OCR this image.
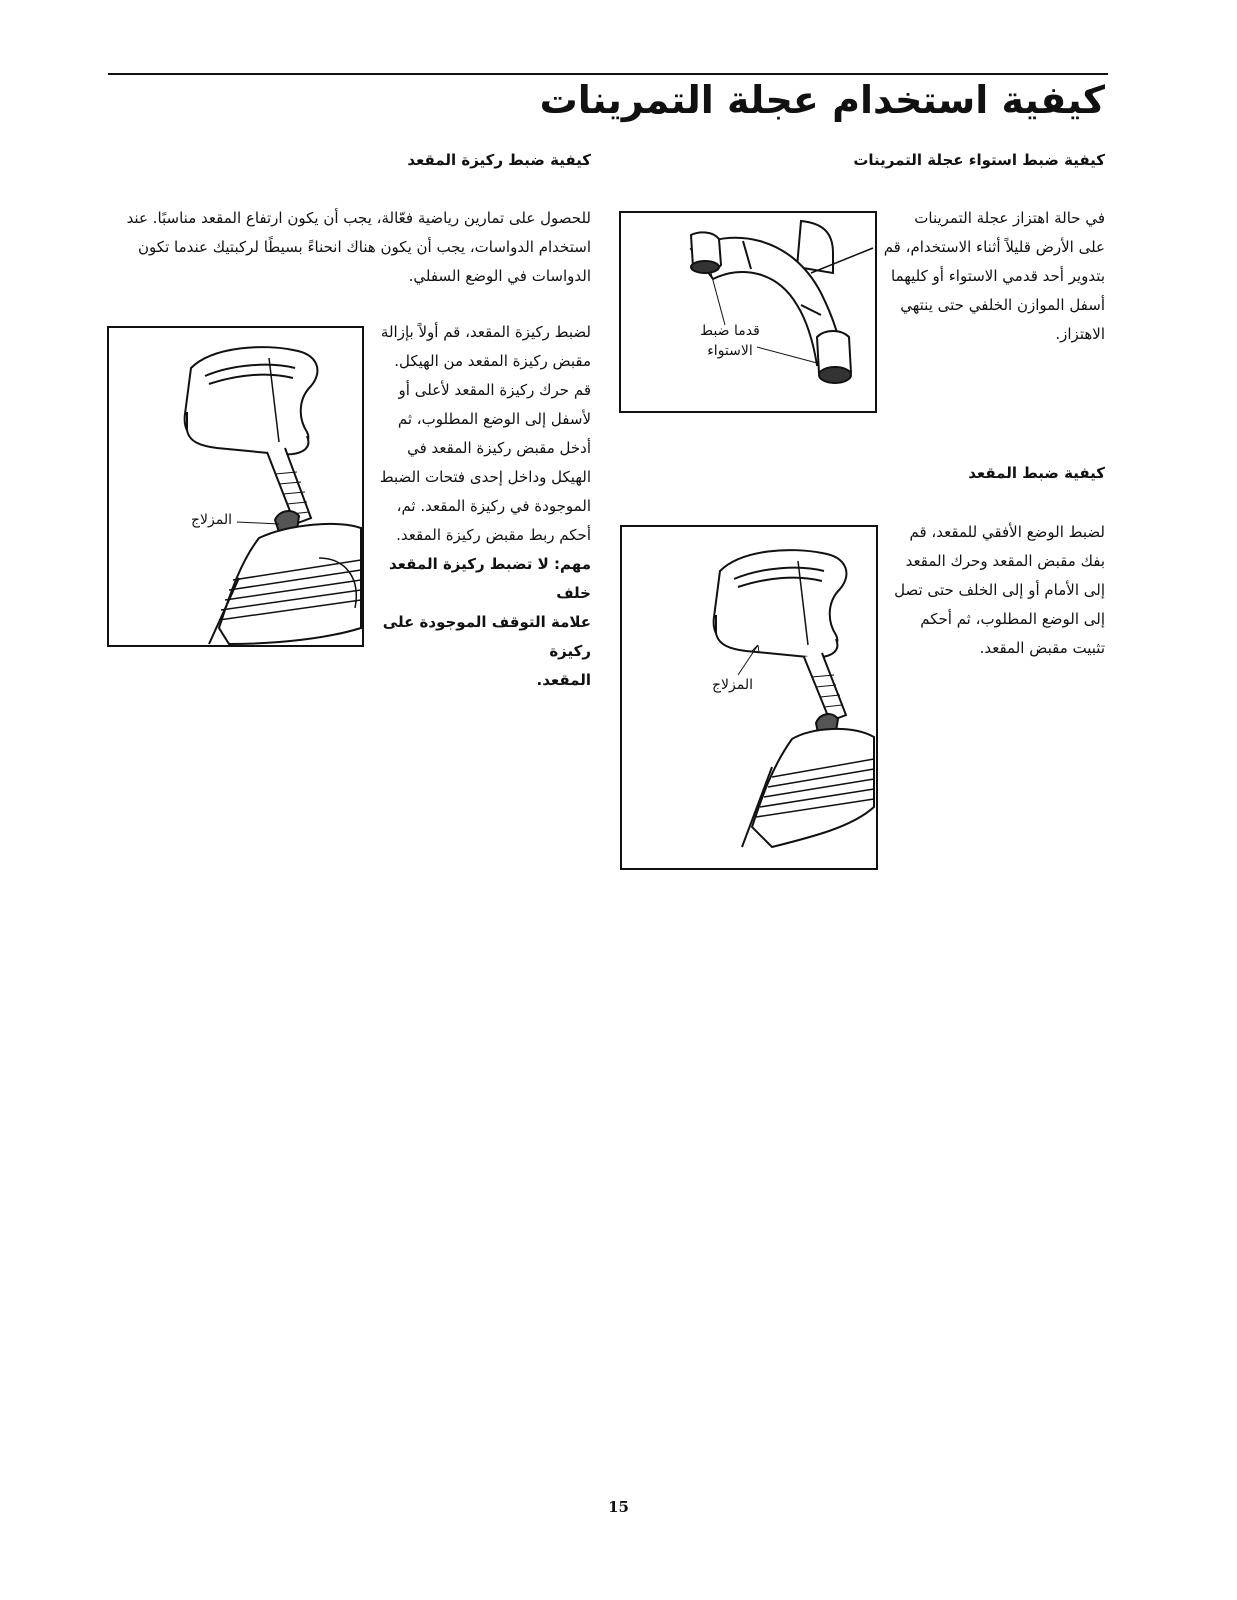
كيفية استخدام عجلة التمرينات
كيفية ضبط استواء عجلة التمرينات
في حالة اهتزاز عجلة التمرينات
على الأرض قليلاً أثناء الاستخدام، قم
بتدوير أحد قدمي الاستواء أو كليهما
أسفل الموازن الخلفي حتى ينتهي
الاهتزاز.
قدما ضبط
الاستواء
كيفية ضبط المقعد
لضبط الوضع الأفقي للمقعد، قم
بفك مقبض المقعد وحرك المقعد
إلى الأمام أو إلى الخلف حتى تصل
إلى الوضع المطلوب، ثم أحكم
تثبيت مقبض المقعد.
المزلاج
كيفية ضبط ركيزة المقعد
للحصول على تمارين رياضية فعّالة، يجب أن يكون ارتفاع المقعد مناسبًا. عند
استخدام الدواسات، يجب أن يكون هناك انحناءً بسيطًا لركبتيك عندما تكون
الدواسات في الوضع السفلي.
لضبط ركيزة المقعد، قم أولاً بإزالة
مقبض ركيزة المقعد من الهيكل.
قم حرك ركيزة المقعد لأعلى أو
لأسفل إلى الوضع المطلوب، ثم
أدخل مقبض ركيزة المقعد في
الهيكل وداخل إحدى فتحات الضبط
الموجودة في ركيزة المقعد. ثم،
أحكم ربط مقبض ركيزة المقعد.
مهم: لا تضبط ركيزة المقعد خلف
علامة التوقف الموجودة على ركيزة
المقعد.
المزلاج
15
